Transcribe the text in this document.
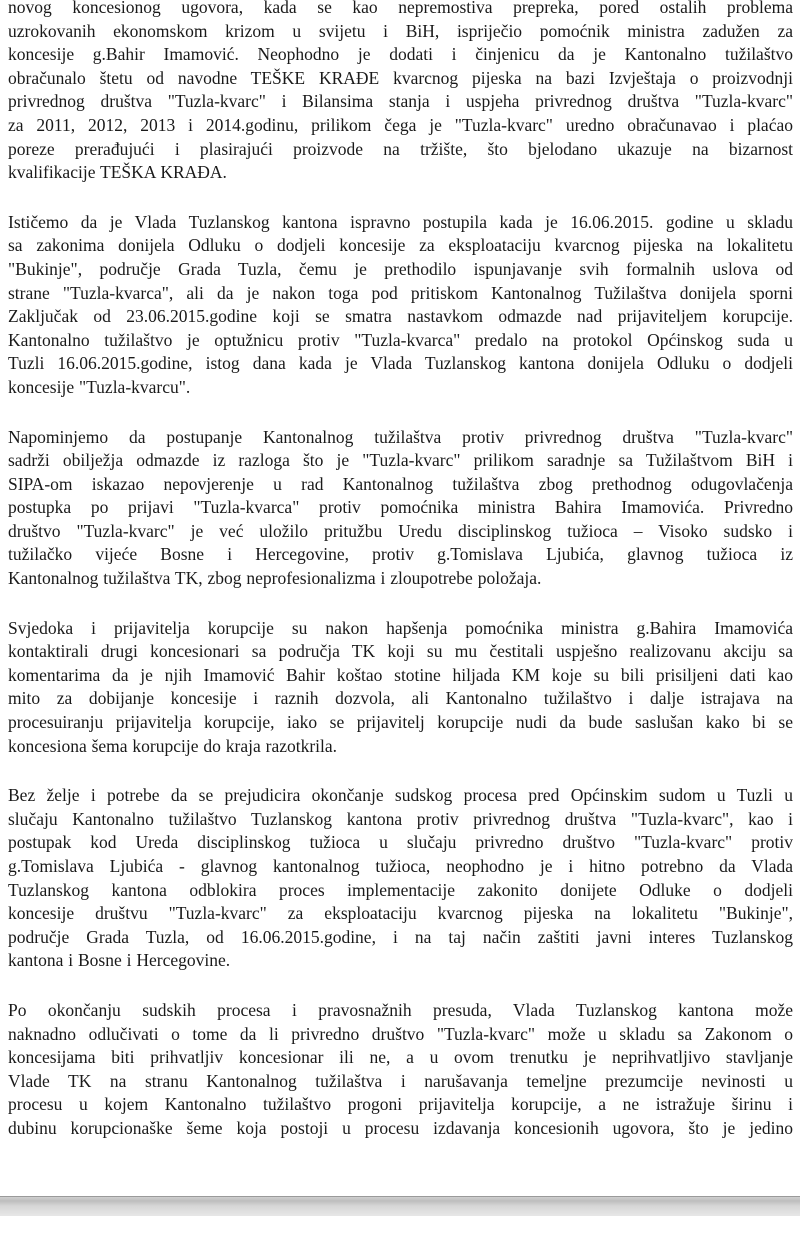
novog koncesionog ugovora, kada se kao nepremostiva prepreka, pored ostalih problema
uzrokovanih ekonomskom krizom u svijetu i BiH, ispriječio pomoćnik ministra zadužen za
koncesije g.Bahir Imamović. Neophodno je dodati i činjenicu da je Kantonalno tužilaštvo
obračunalo štetu od navodne TEŠKE KRAĐE kvarcnog pijeska na bazi Izvještaja o proizvodnji
privrednog društva "Tuzla-kvarc" i Bilansima stanja i uspjeha privrednog društva "Tuzla-kvarc"
za 2011, 2012, 2013 i 2014.godinu, prilikom čega je "Tuzla-kvarc" uredno obračunavao i plaćao
poreze prerađujući i plasirajući proizvode na tržište, što bjelodano ukazuje na bizarnost
kvalifikacije TEŠKA KRAĐA.

Ističemo da je Vlada Tuzlanskog kantona ispravno postupila kada je 16.06.2015. godine u skladu
sa zakonima donijela Odluku o dodjeli koncesije za eksploataciju kvarcnog pijeska na lokalitetu
"Bukinje", područje Grada Tuzla, čemu je prethodilo ispunjavanje svih formalnih uslova od
strane "Tuzla-kvarca", ali da je nakon toga pod pritiskom Kantonalnog Tužilaštva donijela sporni
Zaključak od 23.06.2015.godine koji se smatra nastavkom odmazde nad prijaviteljem korupcije.
Kantonalno tužilaštvo je optužnicu protiv "Tuzla-kvarca" predalo na protokol Općinskog suda u
Tuzli 16.06.2015.godine, istog dana kada je Vlada Tuzlanskog kantona donijela Odluku o dodjeli
koncesije "Tuzla-kvarcu".

Napominjemo da postupanje Kantonalnog tužilaštva protiv privrednog društva "Tuzla-kvarc"
sadrži obilježja odmazde iz razloga što je "Tuzla-kvarc" prilikom saradnje sa Tužilaštvom BiH i
SIPA-om iskazao nepovjerenje u rad Kantonalnog tužilaštva zbog prethodnog odugovlačenja
postupka po prijavi "Tuzla-kvarca" protiv pomoćnika ministra Bahira Imamovića. Privredno
društvo "Tuzla-kvarc" je već uložilo pritužbu Uredu disciplinskog tužioca – Visoko sudsko i
tužilačko vijeće Bosne i Hercegovine, protiv g.Tomislava Ljubića, glavnog tužioca iz
Kantonalnog tužilaštva TK, zbog neprofesionalizma i zloupotrebe položaja.

Svjedoka i prijavitelja korupcije su nakon hapšenja pomoćnika ministra g.Bahira Imamovića
kontaktirali drugi koncesionari sa područja TK koji su mu čestitali uspješno realizovanu akciju sa
komentarima da je njih Imamović Bahir koštao stotine hiljada KM koje su bili prisiljeni dati kao
mito za dobijanje koncesije i raznih dozvola, ali Kantonalno tužilaštvo i dalje istrajava na
procesuiranju prijavitelja korupcije, iako se prijavitelj korupcije nudi da bude saslušan kako bi se
koncesiona šema korupcije do kraja razotkrila.

Bez želje i potrebe da se prejudicira okončanje sudskog procesa pred Općinskim sudom u Tuzli u
slučaju Kantonalno tužilaštvo Tuzlanskog kantona protiv privrednog društva "Tuzla-kvarc", kao i
postupak kod Ureda disciplinskog tužioca u slučaju privredno društvo "Tuzla-kvarc" protiv
g.Tomislava Ljubića - glavnog kantonalnog tužioca, neophodno je i hitno potrebno da Vlada
Tuzlanskog kantona odblokira proces implementacije zakonito donijete Odluke o dodjeli
koncesije društvu "Tuzla-kvarc" za eksploataciju kvarcnog pijeska na lokalitetu "Bukinje",
područje Grada Tuzla, od 16.06.2015.godine, i na taj način zaštiti javni interes Tuzlanskog
kantona i Bosne i Hercegovine.

Po okončanju sudskih procesa i pravosnažnih presuda, Vlada Tuzlanskog kantona može
naknadno odlučivati o tome da li privredno društvo "Tuzla-kvarc" može u skladu sa Zakonom o
koncesijama biti prihvatljiv koncesionar ili ne, a u ovom trenutku je neprihvatljivo stavljanje
Vlade TK na stranu Kantonalnog tužilaštva i narušavanja temeljne prezumcije nevinosti u
procesu u kojem Kantonalno tužilaštvo progoni prijavitelja korupcije, a ne istražuje širinu i
dubinu korupcionaške šeme koja postoji u procesu izdavanja koncesionih ugovora, što je jedino
